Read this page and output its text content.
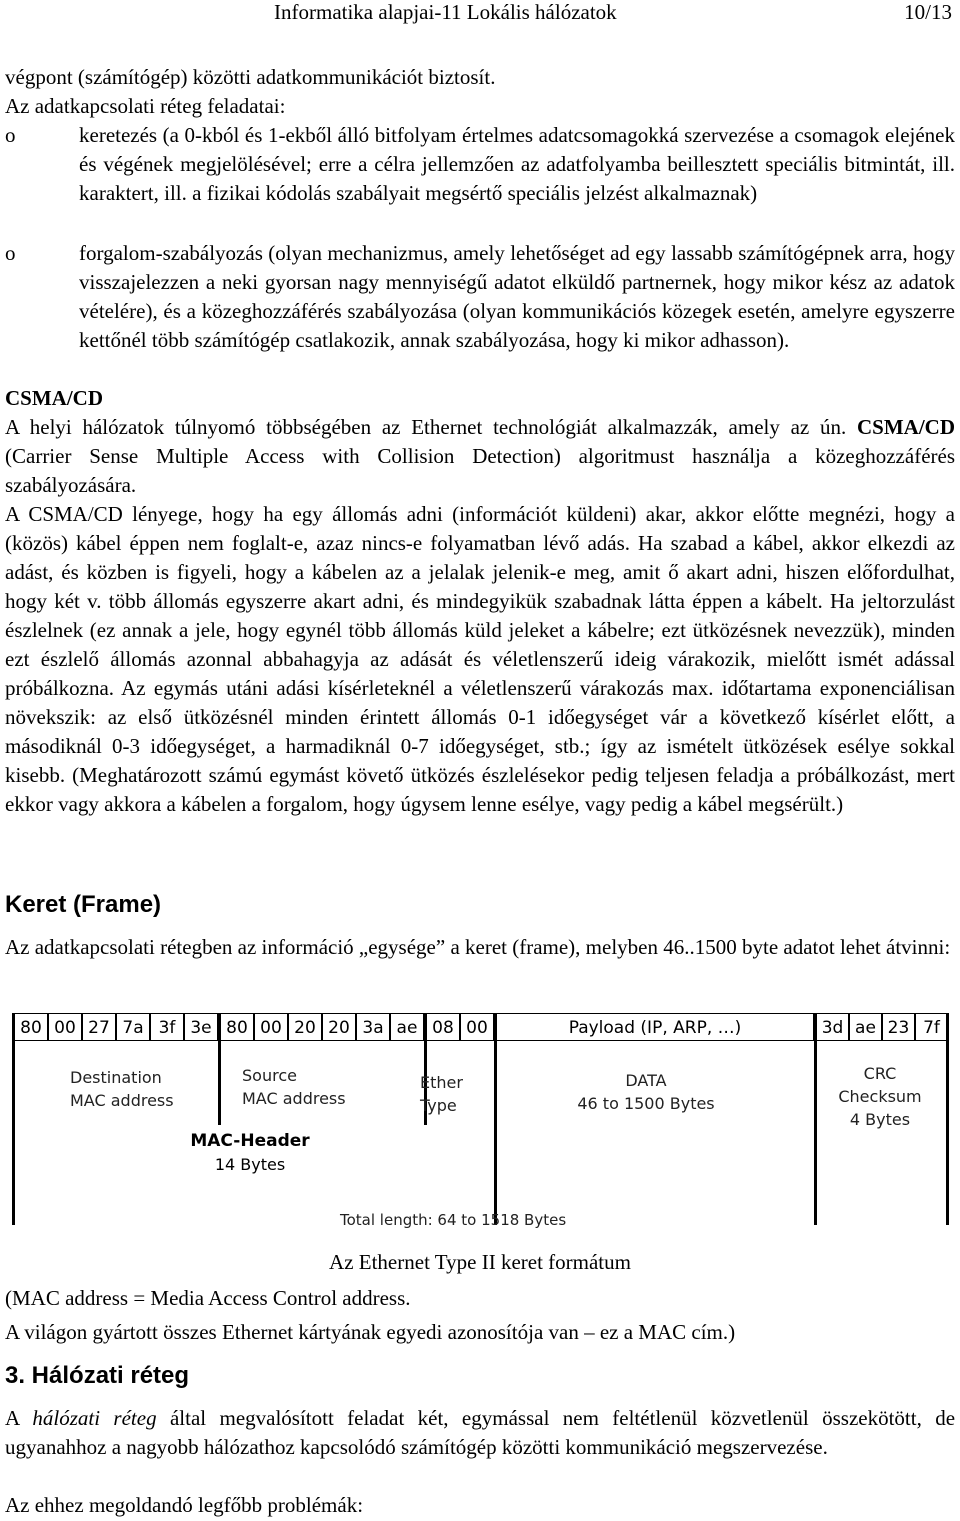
Informatika alapjai-11 Lokális hálózatok	10/13
végpont (számítógép) közötti adatkommunikációt biztosít.
Az adatkapcsolati réteg feladatai:
o	keretezés (a 0-kból és 1-ekből álló bitfolyam értelmes adatcsomagokká szervezése a csomagok elejének és végének megjelölésével; erre a célra jellemzően az adatfolyamba beillesztett speciális bitmintát, ill. karaktert, ill. a fizikai kódolás szabályait megsértő speciális jelzést alkalmaznak)
o	forgalom-szabályozás (olyan mechanizmus, amely lehetőséget ad egy lassabb számítógépnek arra, hogy visszajelezzen a neki gyorsan nagy mennyiségű adatot elküldő partnernek, hogy mikor kész az adatok vételére), és a közeghozzáférés szabályozása (olyan kommunikációs közegek esetén, amelyre egyszerre kettőnél több számítógép csatlakozik, annak szabályozása, hogy ki mikor adhasson).
CSMA/CD
A helyi hálózatok túlnyomó többségében az Ethernet technológiát alkalmazzák, amely az ún. CSMA/CD (Carrier Sense Multiple Access with Collision Detection) algoritmust használja a közeghozzáférés szabályozására.
A CSMA/CD lényege, hogy ha egy állomás adni (információt küldeni) akar, akkor előtte megnézi, hogy a (közös) kábel éppen nem foglalt-e, azaz nincs-e folyamatban lévő adás. Ha szabad a kábel, akkor elkezdi az adást, és közben is figyeli, hogy a kábelen az a jelalak jelenik-e meg, amit ő akart adni, hiszen előfordulhat, hogy két v. több állomás egyszerre akart adni, és mindegyikük szabadnak látta éppen a kábelt. Ha jeltorzulást észlelnek (ez annak a jele, hogy egynél több állomás küld jeleket a kábelre; ezt ütközésnek nevezzük), minden ezt észlelő állomás azonnal abbahagyja az adását és véletlenszerű ideig várakozik, mielőtt ismét adással próbálkozna. Az egymás utáni adási kísérleteknél a véletlenszerű várakozás max. időtartama exponenciálisan növekszik: az első ütközésnél minden érintett állomás 0-1 időegységet vár a következő kísérlet előtt, a másodiknál 0-3 időegységet, a harmadiknál 0-7 időegységet, stb.; így az ismételt ütközések esélye sokkal kisebb. (Meghatározott számú egymást követő ütközés észlelésekor pedig teljesen feladja a próbálkozást, mert ekkor vagy akkora a kábelen a forgalom, hogy úgysem lenne esélye, vagy pedig a kábel megsérült.)
Keret (Frame)
Az adatkapcsolati rétegben az információ „egysége” a keret (frame), melyben 46..1500 byte adatot lehet átvinni:
80 00 27 7a 3f 3e 80 00 20 20 3a ae 08 00	Payload (IP, ARP, …)	3d ae 23 7f
Destination
MAC address
Source
MAC address
Ether
Type
DATA
46 to 1500 Bytes
CRC
Checksum
4 Bytes
MAC-Header
14 Bytes
Total length: 64 to 1518 Bytes
Az Ethernet Type II keret formátum
(MAC address = Media Access Control address.
A világon gyártott összes Ethernet kártyának egyedi azonosítója van – ez a MAC cím.)
3. Hálózati réteg
A hálózati réteg által megvalósított feladat két, egymással nem feltétlenül közvetlenül összekötött, de ugyanahhoz a nagyobb hálózathoz kapcsolódó számítógép közötti kommunikáció megszervezése.
Az ehhez megoldandó legfőbb problémák:
